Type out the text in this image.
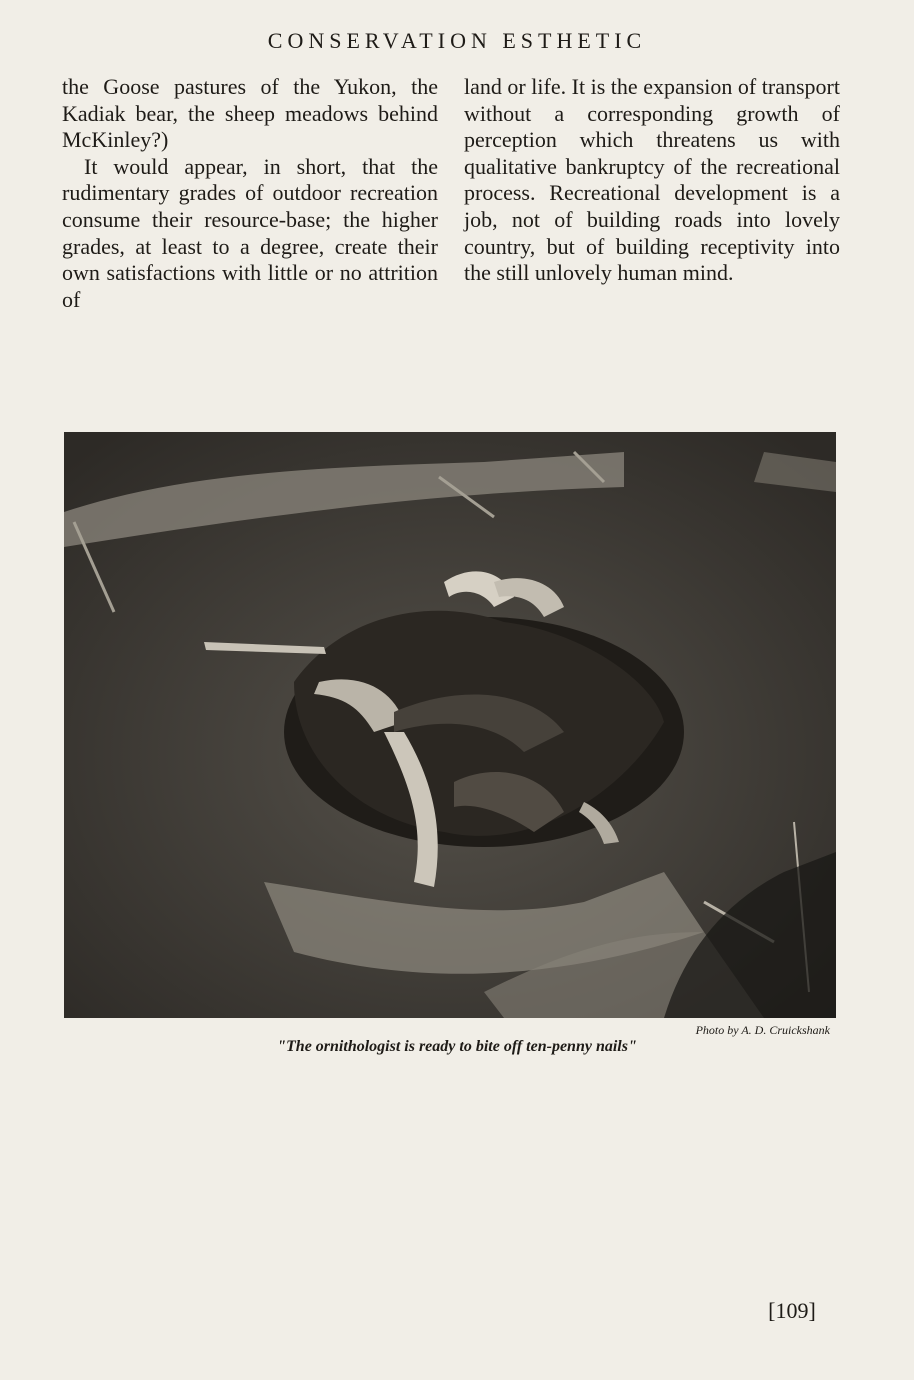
CONSERVATION ESTHETIC

the Goose pastures of the Yukon, the Kadiak bear, the sheep meadows behind McKinley?)

It would appear, in short, that the rudimentary grades of outdoor recreation consume their resource-base; the higher grades, at least to a degree, create their own satisfactions with little or no attrition of

land or life. It is the expansion of transport without a corresponding growth of perception which threatens us with qualitative bankruptcy of the recreational process. Recreational development is a job, not of building roads into lovely country, but of building receptivity into the still unlovely human mind.

Photo by A. D. Cruickshank
"The ornithologist is ready to bite off ten-penny nails"
[109]
